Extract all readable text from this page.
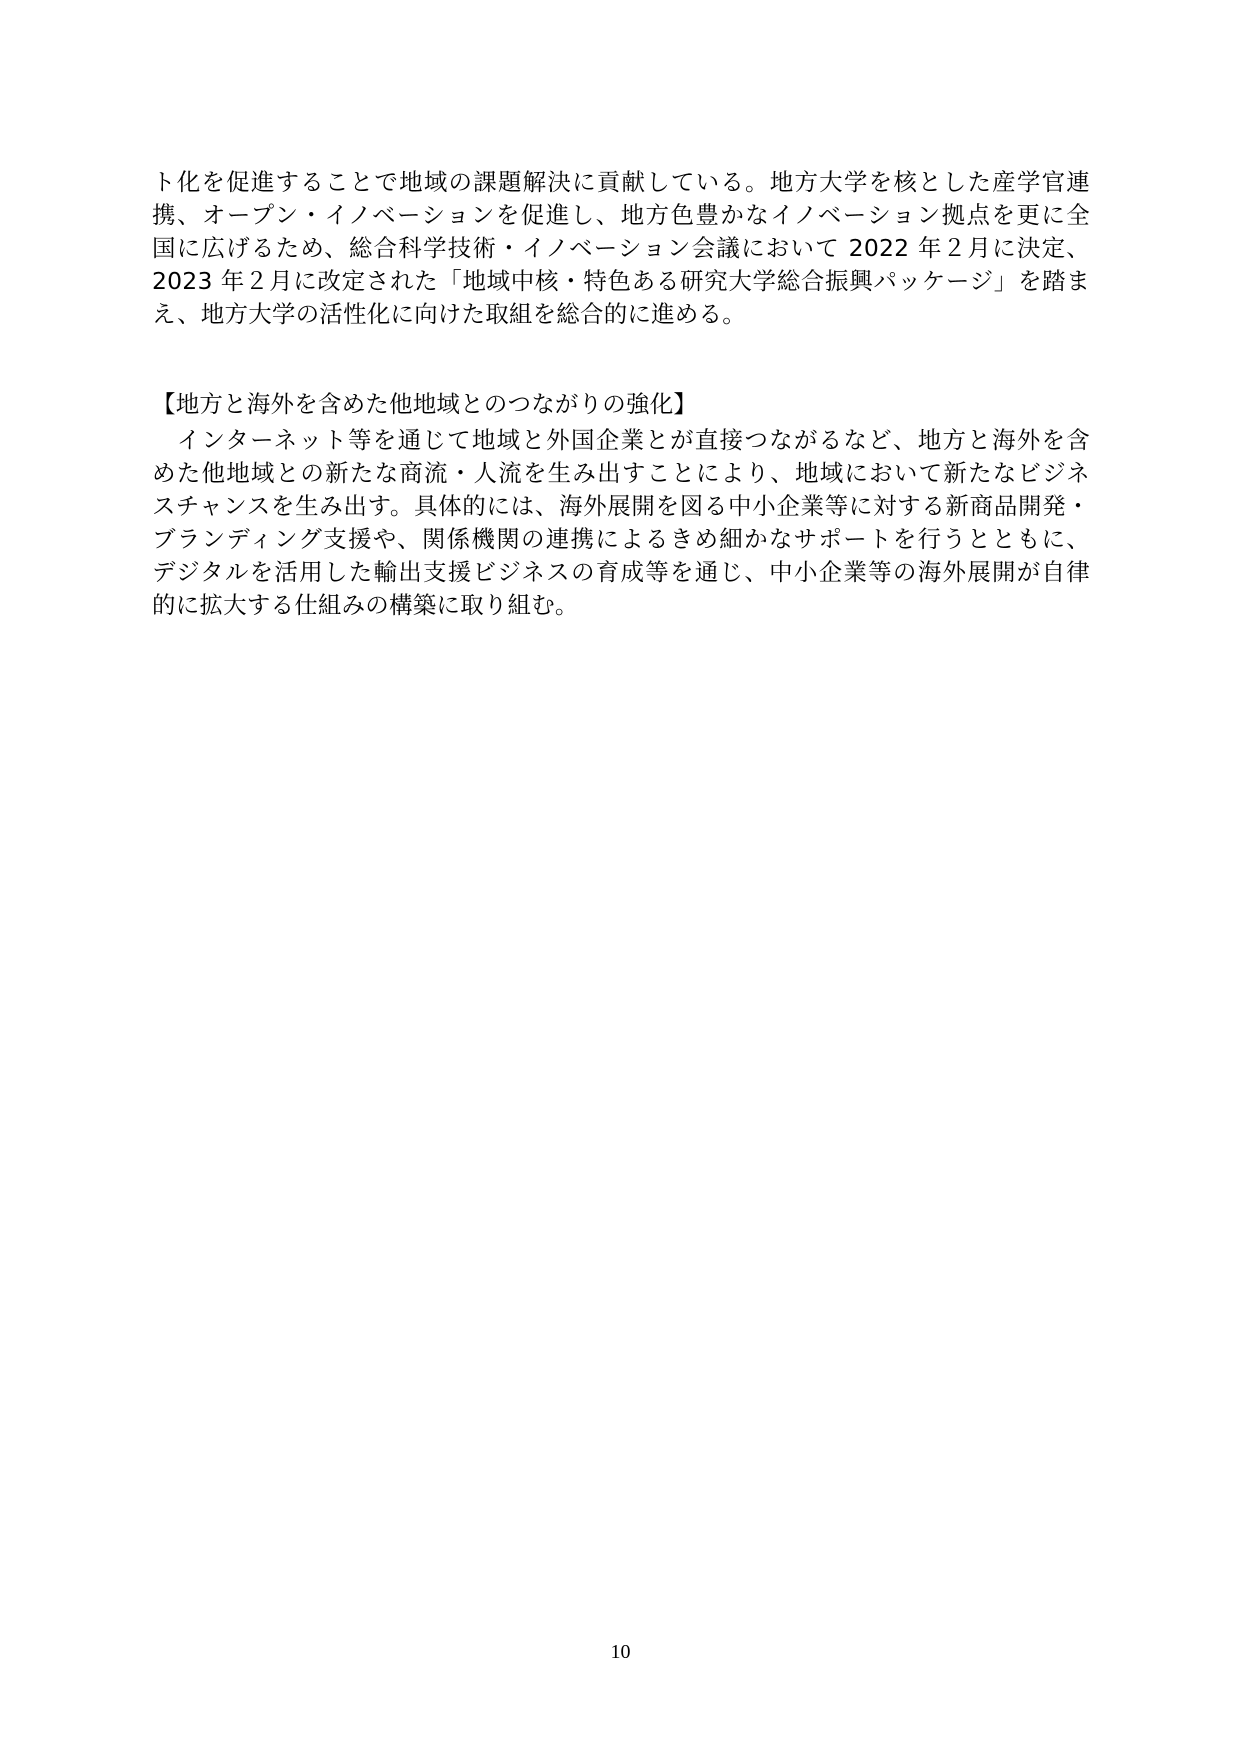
ト化を促進することで地域の課題解決に貢献している。地方大学を核とした産学官連
携、オープン・イノベーションを促進し、地方色豊かなイノベーション拠点を更に全
国に広げるため、総合科学技術・イノベーション会議において 2022 年２月に決定、
2023 年２月に改定された「地域中核・特色ある研究大学総合振興パッケージ」を踏ま
え、地方大学の活性化に向けた取組を総合的に進める。
【地方と海外を含めた他地域とのつながりの強化】
　インターネット等を通じて地域と外国企業とが直接つながるなど、地方と海外を含
めた他地域との新たな商流・人流を生み出すことにより、地域において新たなビジネ
スチャンスを生み出す。具体的には、海外展開を図る中小企業等に対する新商品開発・
ブランディング支援や、関係機関の連携によるきめ細かなサポートを行うとともに、
デジタルを活用した輸出支援ビジネスの育成等を通じ、中小企業等の海外展開が自律
的に拡大する仕組みの構築に取り組む。
10
